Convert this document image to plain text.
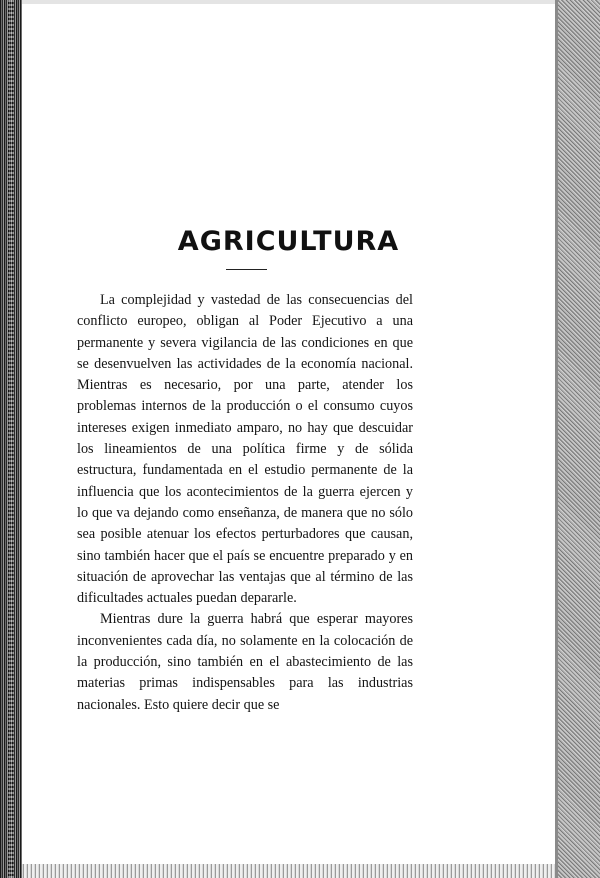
AGRICULTURA

La complejidad y vastedad de las consecuencias del conflicto europeo, obligan al Poder Ejecutivo a una permanente y severa vigilancia de las condiciones en que se desenvuelven las actividades de la economía nacional. Mientras es necesario, por una parte, atender los problemas internos de la producción o el consumo cuyos intereses exigen inmediato amparo, no hay que descuidar los lineamientos de una política firme y de sólida estructura, fundamentada en el estudio permanente de la influencia que los acontecimientos de la guerra ejercen y lo que va dejando como enseñanza, de manera que no sólo sea posible atenuar los efectos perturbadores que causan, sino también hacer que el país se encuentre preparado y en situación de aprovechar las ventajas que al término de las dificultades actuales puedan depararle.

Mientras dure la guerra habrá que esperar mayores inconvenientes cada día, no solamente en la colocación de la producción, sino también en el abastecimiento de las materias primas indispensables para las industrias nacionales. Esto quiere decir que se
